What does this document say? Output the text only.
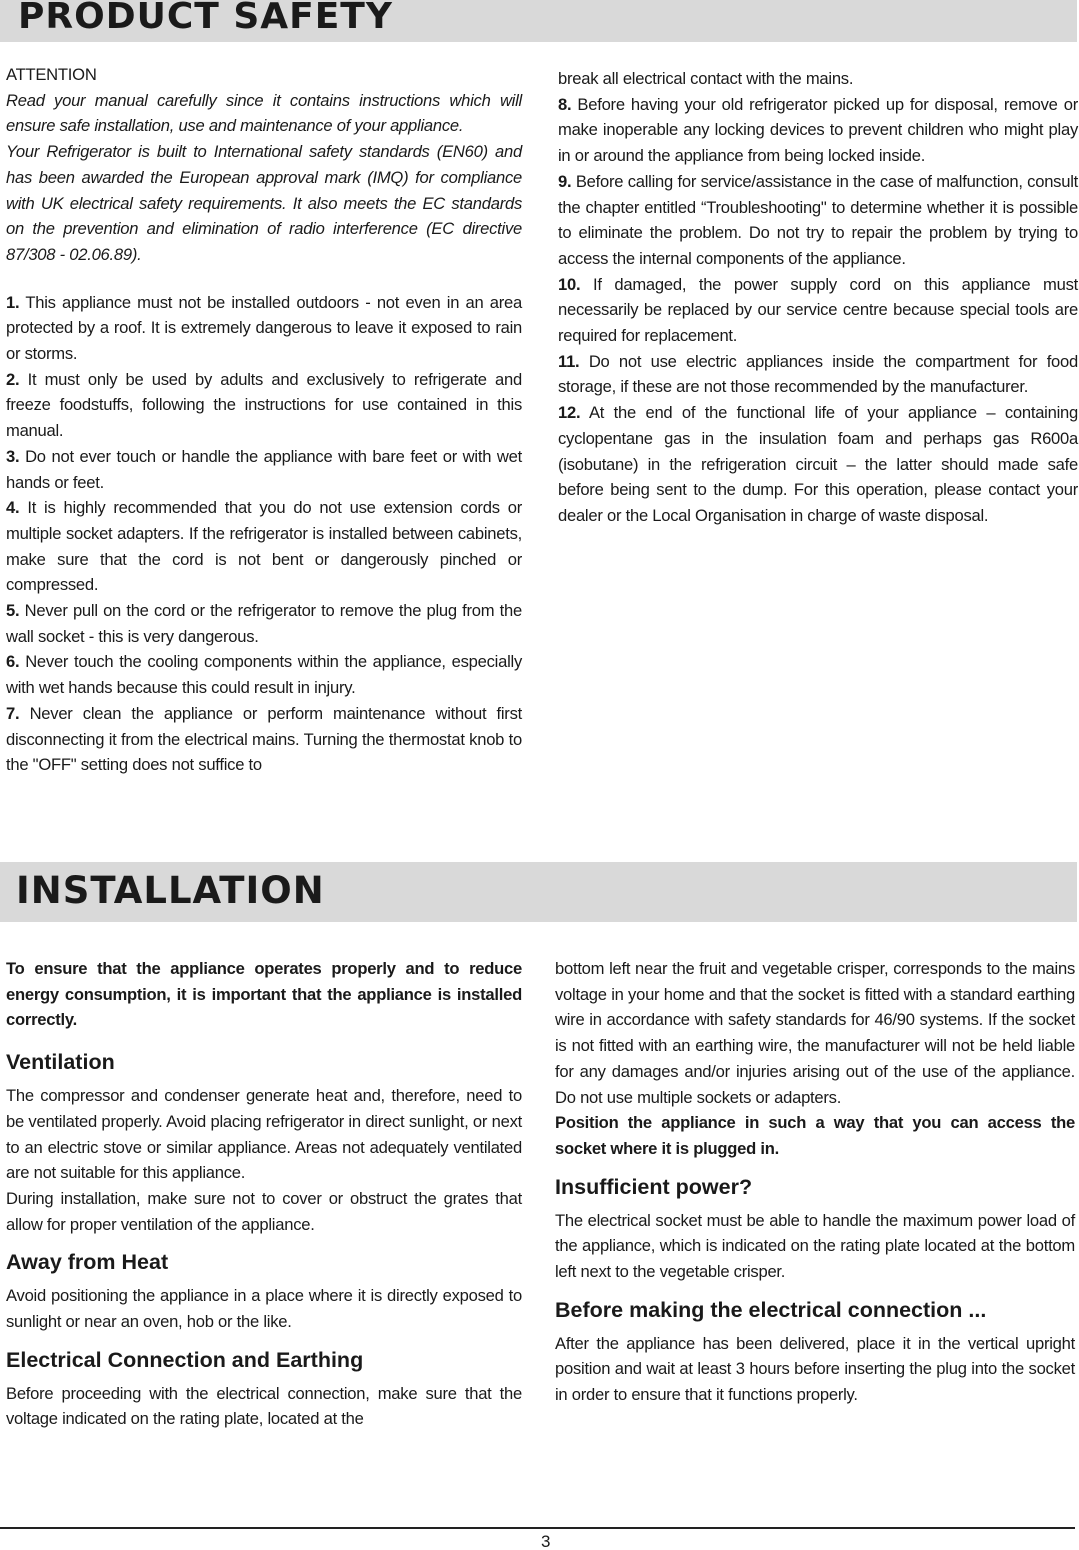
PRODUCT SAFETY

ATTENTION

Read your manual carefully since it contains instructions which will ensure safe installation, use and maintenance of your appliance.

Your Refrigerator is built to International safety standards (EN60) and has been awarded the European approval mark (IMQ) for compliance with UK electrical safety requirements. It also meets the EC standards on the prevention and elimination of radio interference (EC directive 87/308 - 02.06.89).

1. This appliance must not be installed outdoors - not even in an area protected by a roof. It is extremely dangerous to leave it exposed to rain or storms.

2. It must only be used by adults and exclusively to refrigerate and freeze foodstuffs, following the instructions for use contained in this manual.

3. Do not ever touch or handle the appliance with bare feet or with wet hands or feet.

4. It is highly recommended that you do not use extension cords or multiple socket adapters. If the refrigerator is installed between cabinets, make sure that the cord is not bent or dangerously pinched or compressed.

5. Never pull on the cord or the refrigerator to remove the plug from the wall socket - this is very dangerous.

6. Never touch the cooling components within the appliance, especially with wet hands because this could result in injury.

7. Never clean the appliance or perform maintenance without first disconnecting it from the electrical mains. Turning the thermostat knob to the "OFF" setting does not suffice to

break all electrical contact with the mains.

8. Before having your old refrigerator picked up for disposal, remove or make inoperable any locking devices to prevent children who might play in or around the appliance from being locked inside.

9. Before calling for service/assistance in the case of malfunction, consult the chapter entitled “Troubleshooting" to determine whether it is possible to eliminate the problem. Do not try to repair the problem by trying to access the internal components of the appliance.

10. If damaged, the power supply cord on this appliance must necessarily be replaced by our service centre because special tools are required for replacement.

11. Do not use electric appliances inside the compartment for food storage, if these are not those recommended by the manufacturer.

12. At the end of the functional life of your appliance – containing cyclopentane gas in the insulation foam and perhaps gas R600a (isobutane) in the refrigeration circuit – the latter should made safe before being sent to the dump. For this operation, please contact your dealer or the Local Organisation in charge of waste disposal.

INSTALLATION

To ensure that the appliance operates properly and to reduce energy consumption, it is important that the appliance is installed correctly.

Ventilation

The compressor and condenser generate heat and, therefore, need to be ventilated properly. Avoid placing refrigerator in direct sunlight, or next to an electric stove or similar appliance. Areas not adequately ventilated are not suitable for this appliance.

During installation, make sure not to cover or obstruct the grates that allow for proper ventilation of the appliance.

Away from Heat

Avoid positioning the appliance in a place where it is directly exposed to sunlight or near an oven, hob or the like.

Electrical Connection and Earthing

Before proceeding with the electrical connection, make sure that the voltage indicated on the rating plate, located at the

bottom left near the fruit and vegetable crisper, corresponds to the mains voltage in your home and that the socket is fitted with a standard earthing wire in accordance with safety standards for 46/90 systems. If the socket is not fitted with an earthing wire, the manufacturer will not be held liable for any damages and/or injuries arising out of the use of the appliance. Do not use multiple sockets or adapters.

Position the appliance in such a way that you can access the socket where it is plugged in.

Insufficient power?

The electrical socket must be able to handle the maximum power load of the appliance, which is indicated on the rating plate located at the bottom left next to the vegetable crisper.

Before making the electrical connection ...

After the appliance has been delivered, place it in the vertical upright position and wait at least 3 hours before inserting the plug into the socket in order to ensure that it functions properly.

3
